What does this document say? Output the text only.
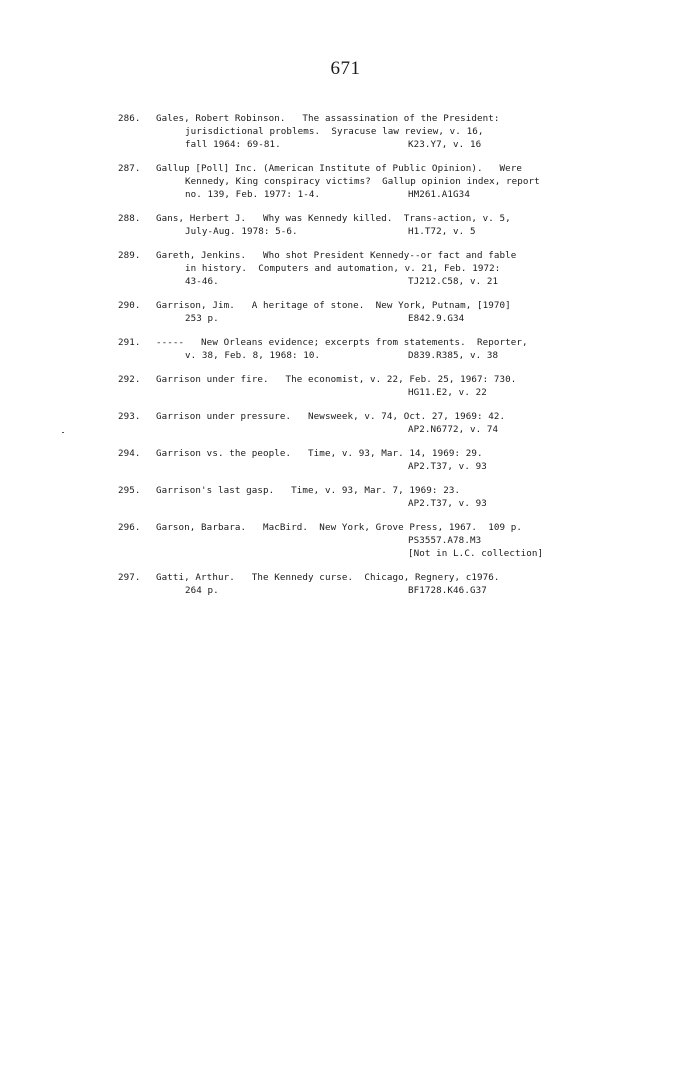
671
286. Gales, Robert Robinson.   The assassination of the President:
jurisdictional problems.  Syracuse law review, v. 16,
fall 1964: 69-81.	K23.Y7, v. 16
287. Gallup [Poll] Inc. (American Institute of Public Opinion).   Were
Kennedy, King conspiracy victims?  Gallup opinion index, report
no. 139, Feb. 1977: 1-4.	HM261.A1G34
288. Gans, Herbert J.   Why was Kennedy killed.  Trans-action, v. 5,
July-Aug. 1978: 5-6.	H1.T72, v. 5
289. Gareth, Jenkins.   Who shot President Kennedy--or fact and fable
in history.  Computers and automation, v. 21, Feb. 1972:
43-46.	TJ212.C58, v. 21
290. Garrison, Jim.   A heritage of stone.  New York, Putnam, [1970]
253 p.	E842.9.G34
291. -----   New Orleans evidence; excerpts from statements.  Reporter,
v. 38, Feb. 8, 1968: 10.	D839.R385, v. 38
292. Garrison under fire.   The economist, v. 22, Feb. 25, 1967: 730.
HG11.E2, v. 22
293. Garrison under pressure.   Newsweek, v. 74, Oct. 27, 1969: 42.
AP2.N6772, v. 74
294. Garrison vs. the people.   Time, v. 93, Mar. 14, 1969: 29.
AP2.T37, v. 93
295. Garrison's last gasp.   Time, v. 93, Mar. 7, 1969: 23.
AP2.T37, v. 93
296. Garson, Barbara.   MacBird.  New York, Grove Press, 1967.  109 p.
PS3557.A78.M3
[Not in L.C. collection]
297. Gatti, Arthur.   The Kennedy curse.  Chicago, Regnery, c1976.
264 p.	BF1728.K46.G37
